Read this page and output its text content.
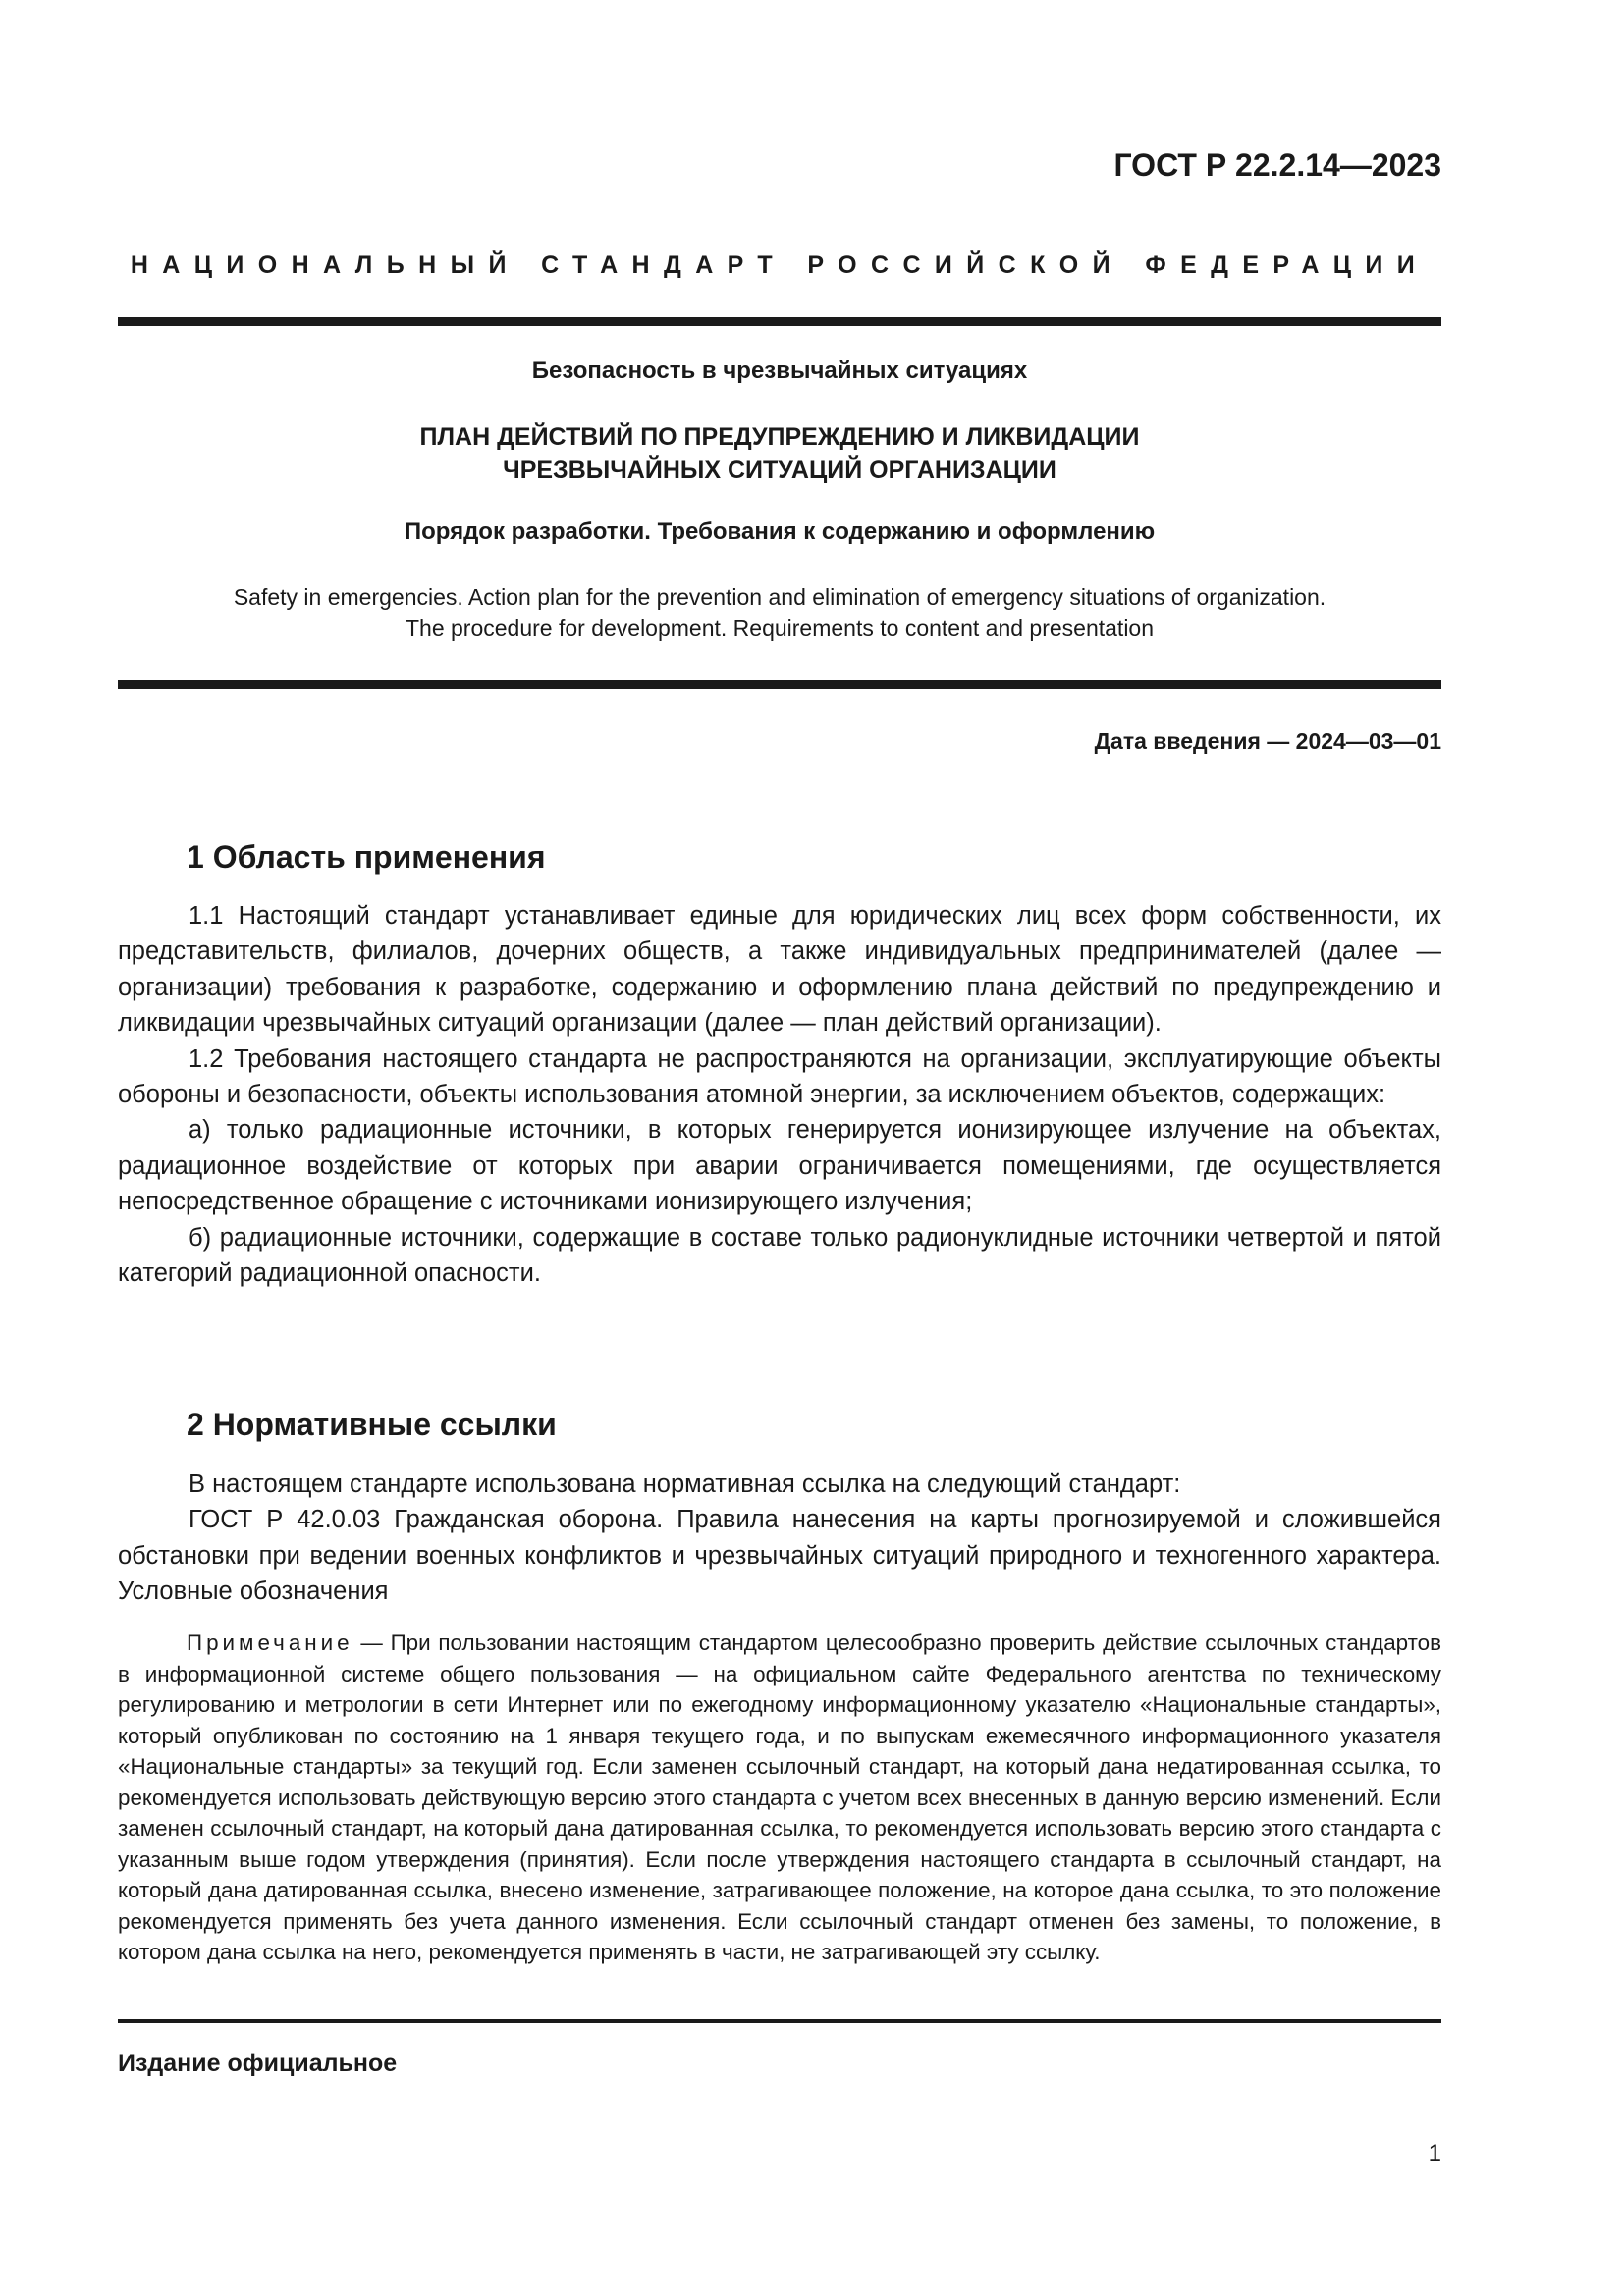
ГОСТ Р 22.2.14—2023

НАЦИОНАЛЬНЫЙ СТАНДАРТ РОССИЙСКОЙ ФЕДЕРАЦИИ

Безопасность в чрезвычайных ситуациях

ПЛАН ДЕЙСТВИЙ ПО ПРЕДУПРЕЖДЕНИЮ И ЛИКВИДАЦИИ
ЧРЕЗВЫЧАЙНЫХ СИТУАЦИЙ ОРГАНИЗАЦИИ

Порядок разработки. Требования к содержанию и оформлению

Safety in emergencies. Action plan for the prevention and elimination of emergency situations of organization.
The procedure for development. Requirements to content and presentation

Дата введения — 2024—03—01

1 Область применения

1.1 Настоящий стандарт устанавливает единые для юридических лиц всех форм собственности, их представительств, филиалов, дочерних обществ, а также индивидуальных предпринимателей (далее — организации) требования к разработке, содержанию и оформлению плана действий по предупреждению и ликвидации чрезвычайных ситуаций организации (далее — план действий организации).

1.2 Требования настоящего стандарта не распространяются на организации, эксплуатирующие объекты обороны и безопасности, объекты использования атомной энергии, за исключением объектов, содержащих:

а) только радиационные источники, в которых генерируется ионизирующее излучение на объектах, радиационное воздействие от которых при аварии ограничивается помещениями, где осуществляется непосредственное обращение с источниками ионизирующего излучения;

б) радиационные источники, содержащие в составе только радионуклидные источники четвертой и пятой категорий радиационной опасности.

2 Нормативные ссылки

В настоящем стандарте использована нормативная ссылка на следующий стандарт:

ГОСТ Р 42.0.03 Гражданская оборона. Правила нанесения на карты прогнозируемой и сложившейся обстановки при ведении военных конфликтов и чрезвычайных ситуаций природного и техногенного характера. Условные обозначения

Примечание — При пользовании настоящим стандартом целесообразно проверить действие ссылочных стандартов в информационной системе общего пользования — на официальном сайте Федерального агентства по техническому регулированию и метрологии в сети Интернет или по ежегодному информационному указателю «Национальные стандарты», который опубликован по состоянию на 1 января текущего года, и по выпускам ежемесячного информационного указателя «Национальные стандарты» за текущий год. Если заменен ссылочный стандарт, на который дана недатированная ссылка, то рекомендуется использовать действующую версию этого стандарта с учетом всех внесенных в данную версию изменений. Если заменен ссылочный стандарт, на который дана датированная ссылка, то рекомендуется использовать версию этого стандарта с указанным выше годом утверждения (принятия). Если после утверждения настоящего стандарта в ссылочный стандарт, на который дана датированная ссылка, внесено изменение, затрагивающее положение, на которое дана ссылка, то это положение рекомендуется применять без учета данного изменения. Если ссылочный стандарт отменен без замены, то положение, в котором дана ссылка на него, рекомендуется применять в части, не затрагивающей эту ссылку.

Издание официальное

1
